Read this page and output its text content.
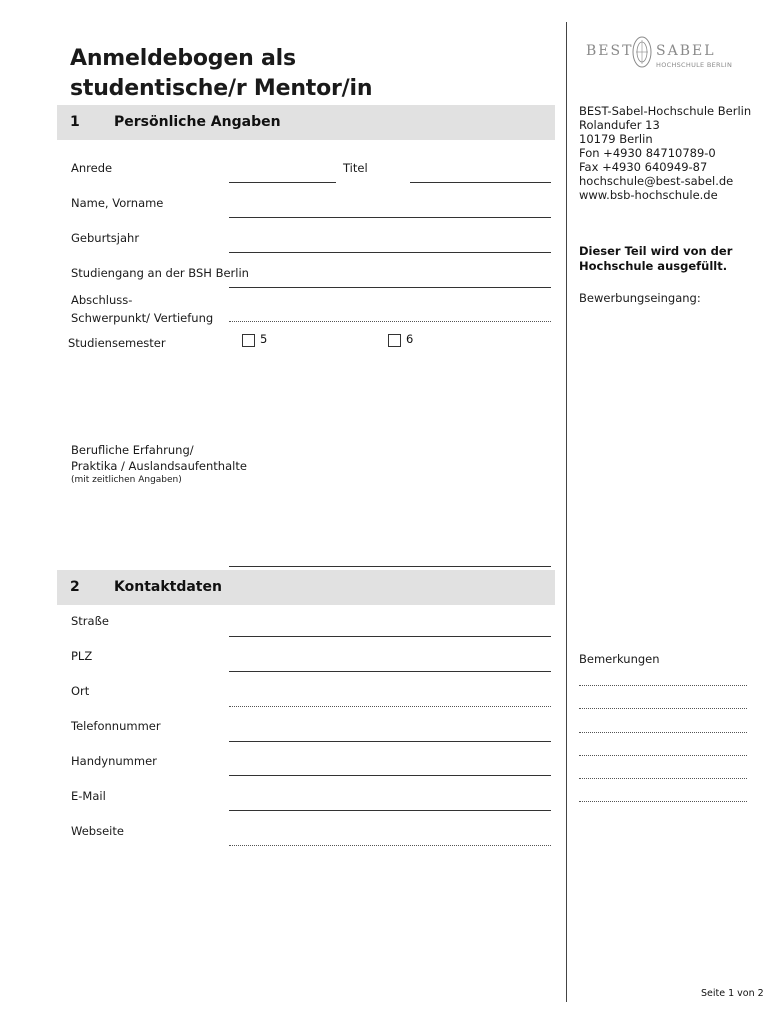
Anmeldebogen als
studentische/r Mentor/in
BEST SABEL
HOCHSCHULE BERLIN
1 Persönliche Angaben
Anrede	Titel
Name, Vorname
Geburtsjahr
Studiengang an der BSH Berlin
Abschluss-
Schwerpunkt/ Vertiefung
Studiensemester	5	6
Berufliche Erfahrung/
Praktika / Auslandsaufenthalte
(mit zeitlichen Angaben)
2 Kontaktdaten
Straße
PLZ
Ort
Telefonnummer
Handynummer
E-Mail
Webseite
BEST-Sabel-Hochschule Berlin
Rolandufer 13
10179 Berlin
Fon +4930 84710789-0
Fax +4930 640949-87
hochschule@best-sabel.de
www.bsb-hochschule.de
Dieser Teil wird von der
Hochschule ausgefüllt.
Bewerbungseingang:
Bemerkungen
Seite 1 von 2
